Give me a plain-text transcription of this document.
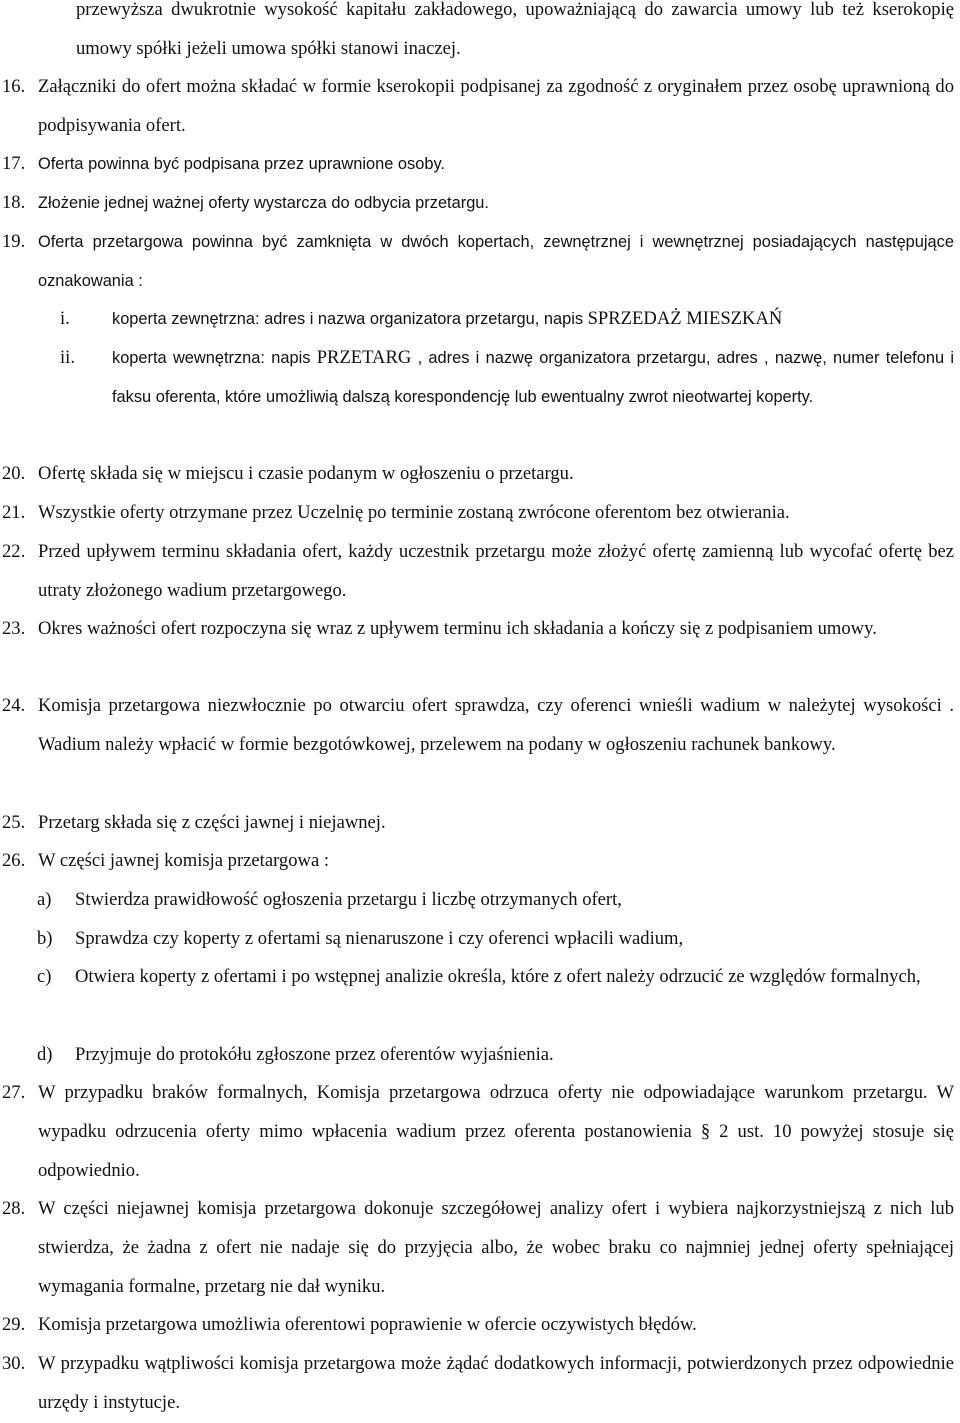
przewyższa dwukrotnie wysokość kapitału zakładowego, upoważniającą do zawarcia umowy lub też kserokopię umowy spółki jeżeli umowa spółki stanowi inaczej.
16. Załączniki do ofert można składać w formie kserokopii podpisanej za zgodność z oryginałem przez osobę uprawnioną do podpisywania ofert.
17. Oferta powinna być podpisana przez uprawnione osoby.
18. Złożenie jednej ważnej oferty wystarcza do odbycia przetargu.
19. Oferta przetargowa powinna być zamknięta w dwóch kopertach, zewnętrznej i wewnętrznej posiadających następujące oznakowania :
i.	koperta zewnętrzna: adres i nazwa organizatora przetargu, napis SPRZEDAŻ MIESZKAŃ
ii. koperta wewnętrzna: napis PRZETARG , adres i nazwę organizatora przetargu, adres , nazwę, numer telefonu i faksu oferenta, które umożliwią dalszą korespondencję lub ewentualny zwrot nieotwartej koperty.
20. Ofertę składa się w miejscu i czasie podanym w ogłoszeniu o przetargu.
21. Wszystkie oferty otrzymane przez Uczelnię po terminie zostaną zwrócone oferentom bez otwierania.
22. Przed upływem terminu składania ofert, każdy uczestnik przetargu może złożyć ofertę zamienną lub wycofać ofertę bez utraty złożonego wadium przetargowego.
23. Okres ważności ofert rozpoczyna się wraz z upływem terminu ich składania a kończy się z podpisaniem umowy.
24. Komisja przetargowa niezwłocznie po otwarciu ofert sprawdza, czy oferenci wnieśli wadium w należytej wysokości . Wadium należy wpłacić w formie bezgotówkowej, przelewem na podany w ogłoszeniu rachunek bankowy.
25. Przetarg składa się z części jawnej i niejawnej.
26. W części jawnej komisja przetargowa :
a) Stwierdza prawidłowość ogłoszenia przetargu i liczbę otrzymanych ofert,
b) Sprawdza czy koperty z ofertami są nienaruszone i czy oferenci wpłacili wadium,
c) Otwiera koperty z ofertami i po wstępnej analizie określa, które z ofert należy odrzucić ze względów formalnych,
d) Przyjmuje do protokółu zgłoszone przez oferentów wyjaśnienia.
27. W przypadku braków formalnych, Komisja przetargowa odrzuca oferty nie odpowiadające warunkom przetargu. W wypadku odrzucenia oferty mimo wpłacenia wadium przez oferenta postanowienia § 2 ust. 10 powyżej stosuje się odpowiednio.
28. W części niejawnej komisja przetargowa dokonuje szczegółowej analizy ofert i wybiera najkorzystniejszą z nich lub stwierdza, że żadna z ofert nie nadaje się do przyjęcia albo, że wobec braku co najmniej jednej oferty spełniającej wymagania formalne, przetarg nie dał wyniku.
29. Komisja przetargowa umożliwia oferentowi poprawienie w ofercie oczywistych błędów.
30. W przypadku wątpliwości komisja przetargowa może żądać dodatkowych informacji, potwierdzonych przez odpowiednie urzędy i instytucje.
